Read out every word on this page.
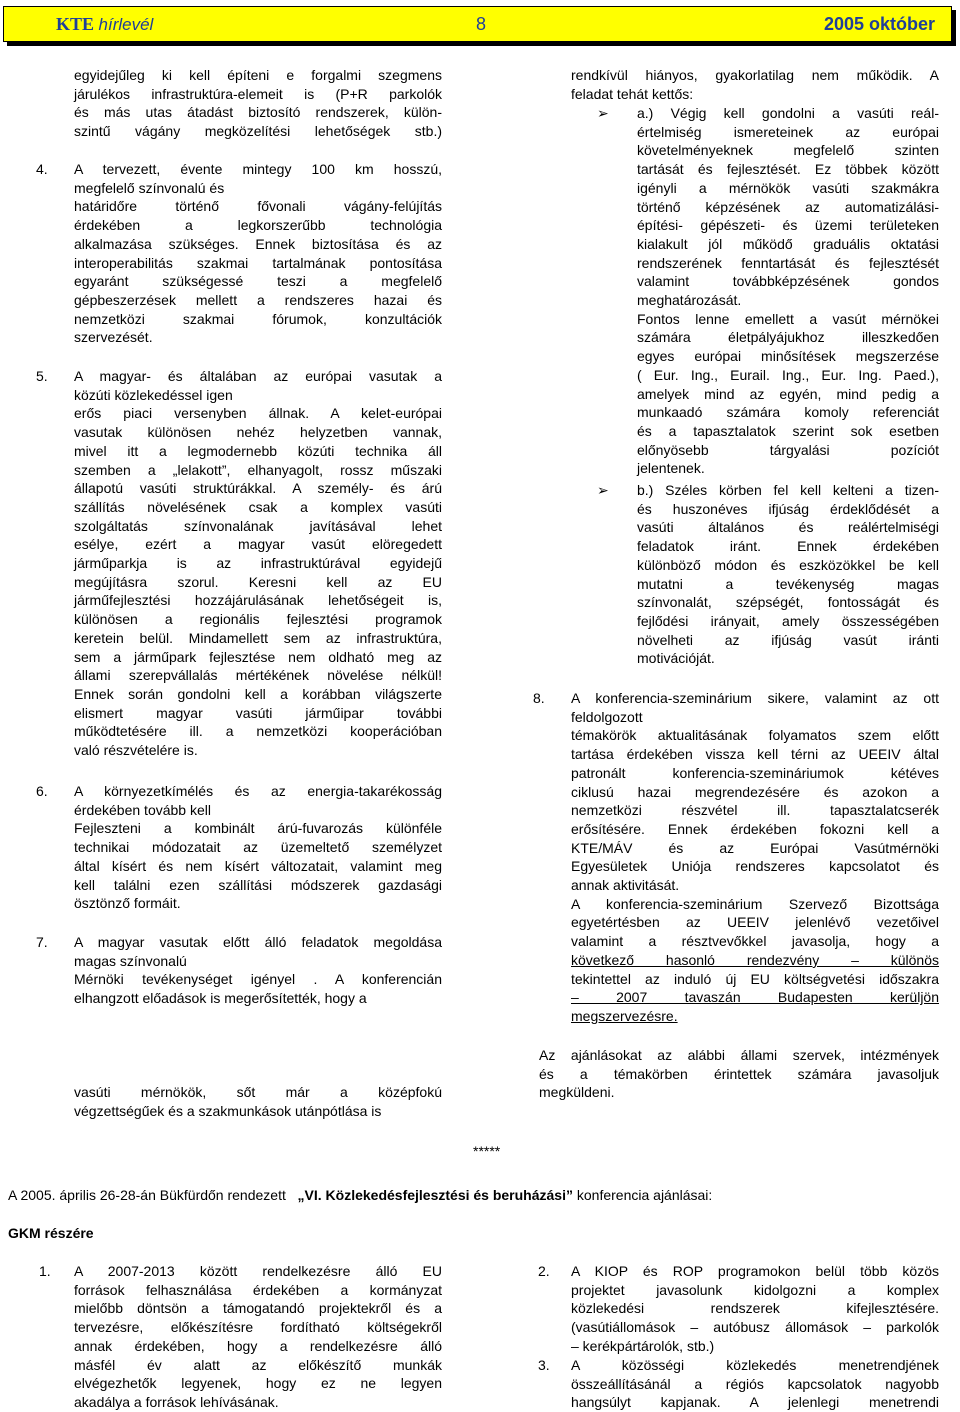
KTE hírlevél	8	2005 október
egyidejűleg ki kell építeni e forgalmi szegmens
járulékos infrastruktúra-elemeit is (P+R parkolók
és más utas átadást biztosító rendszerek, külön-
szintű vágány megközelítési lehetőségek stb.)
4. A tervezett, évente mintegy 100 km hosszú,
megfelelő színvonalú és
határidőre történő fővonali vágány-felújítás
érdekében a legkorszerűbb technológia
alkalmazása szükséges. Ennek biztosítása és az
interoperabilitás szakmai tartalmának pontosítása
egyaránt szükségessé teszi a megfelelő
gépbeszerzések mellett a rendszeres hazai és
nemzetközi szakmai fórumok, konzultációk
szervezését.
5. A magyar- és általában az európai vasutak a
közúti közlekedéssel igen
erős piaci versenyben állnak. A kelet-európai
vasutak különösen nehéz helyzetben vannak,
mivel itt a legmodernebb közúti technika áll
szemben a „lelakott”, elhanyagolt, rossz műszaki
állapotú vasúti struktúrákkal. A személy- és árú
szállítás növelésének csak a komplex vasúti
szolgáltatás színvonalának javításával lehet
esélye, ezért a magyar vasút elöregedett
járműparkja is az infrastruktúrával egyidejű
megújításra szorul. Keresni kell az EU
járműfejlesztési hozzájárulásának lehetőségeit is,
különösen a regionális fejlesztési programok
keretein belül. Mindamellett sem az infrastruktúra,
sem a járműpark fejlesztése nem oldható meg az
állami szerepvállalás mértékének növelése nélkül!
Ennek során gondolni kell a korábban világszerte
elismert magyar vasúti járműipar további
működtetésére ill. a nemzetközi kooperációban
való részvételére is.
6. A környezetkímélés és az energia-takarékosság
érdekében tovább kell
Fejleszteni a kombinált árú-fuvarozás különféle
technikai módozatait az üzemeltető személyzet
által kísért és nem kísért változatait, valamint meg
kell találni ezen szállítási módszerek gazdasági
ösztönző formáit.
7. A magyar vasutak előtt álló feladatok megoldása
magas színvonalú
Mérnöki tevékenységet igényel . A konferencián
elhangzott előadások is megerősítették, hogy a
vasúti mérnökök, sőt már a középfokú
végzettségűek és a szakmunkások utánpótlása is
rendkívül hiányos, gyakorlatilag nem működik. A
feladat tehát kettős:
➢ a.) Végig kell gondolni a vasúti reál-
értelmiség ismereteinek az európai
követelményeknek megfelelő szinten
tartását és fejlesztését. Ez többek között
igényli a mérnökök vasúti szakmákra
történő képzésének az automatizálási-
építési- gépészeti- és üzemi területeken
kialakult jól működő graduális oktatási
rendszerének fenntartását és fejlesztését
valamint továbbképzésének gondos
meghatározását.
Fontos lenne emellett a vasút mérnökei
számára életpályájukhoz illeszkedően
egyes európai minősítések megszerzése
( Eur. Ing., Eurail. Ing., Eur. Ing. Paed.),
amelyek mind az egyén, mind pedig a
munkaadó számára komoly referenciát
és a tapasztalatok szerint sok esetben
előnyösebb tárgyalási pozíciót
jelentenek.
➢ b.) Széles körben fel kell kelteni a tizen-
és huszonéves ifjúság érdeklődését a
vasúti általános és reálértelmiségi
feladatok iránt. Ennek érdekében
különböző módon és eszközökkel be kell
mutatni a tevékenység magas
színvonalát, szépségét, fontosságát és
fejlődési irányait, amely összességében
növelheti az ifjúság vasút iránti
motivációját.
8. A konferencia-szeminárium sikere, valamint az ott
feldolgozott
témakörök aktualitásának folyamatos szem előtt
tartása érdekében vissza kell térni az UEEIV által
patronált konferencia-szemináriumok kétéves
ciklusú hazai megrendezésére és azokon a
nemzetközi részvétel ill. tapasztalatcserék
erősítésére. Ennek érdekében fokozni kell a
KTE/MÁV és az Európai Vasútmérnöki
Egyesületek Uniója rendszeres kapcsolatot és
annak aktivitását.
A konferencia-szeminárium Szervező Bizottsága
egyetértésben az UEEIV jelenlévő vezetőivel
valamint a résztvevőkkel javasolja, hogy a
következő hasonló rendezvény – különös
tekintettel az induló új EU költségvetési időszakra
– 2007 tavaszán Budapesten kerüljön
megszervezésre.
Az ajánlásokat az alábbi állami szervek, intézmények
és a témakörben érintettek számára javasoljuk
megküldeni.
*****
A 2005. április 26-28-án Bükfürdőn rendezett „VI. Közlekedésfejlesztési és beruházási” konferencia ajánlásai:
GKM részére
1. A 2007-2013 között rendelkezésre álló EU
források felhasználása érdekében a kormányzat
mielőbb döntsön a támogatandó projektekről és a
tervezésre, előkészítésre fordítható költségekről
annak érdekében, hogy a rendelkezésre álló
másfél év alatt az előkészítő munkák
elvégezhetők legyenek, hogy ez ne legyen
akadálya a források lehívásának.
2. A KIOP és ROP programokon belül több közös
projektet javasolunk kidolgozni a komplex
közlekedési rendszerek kifejlesztésére.
(vasútiállomások – autóbusz állomások – parkolók
– kerékpártárolók, stb.)
3. A közösségi közlekedés menetrendjének
összeállításánál a régiós kapcsolatok nagyobb
hangsúlyt kapjanak. A jelenlegi menetrendi
